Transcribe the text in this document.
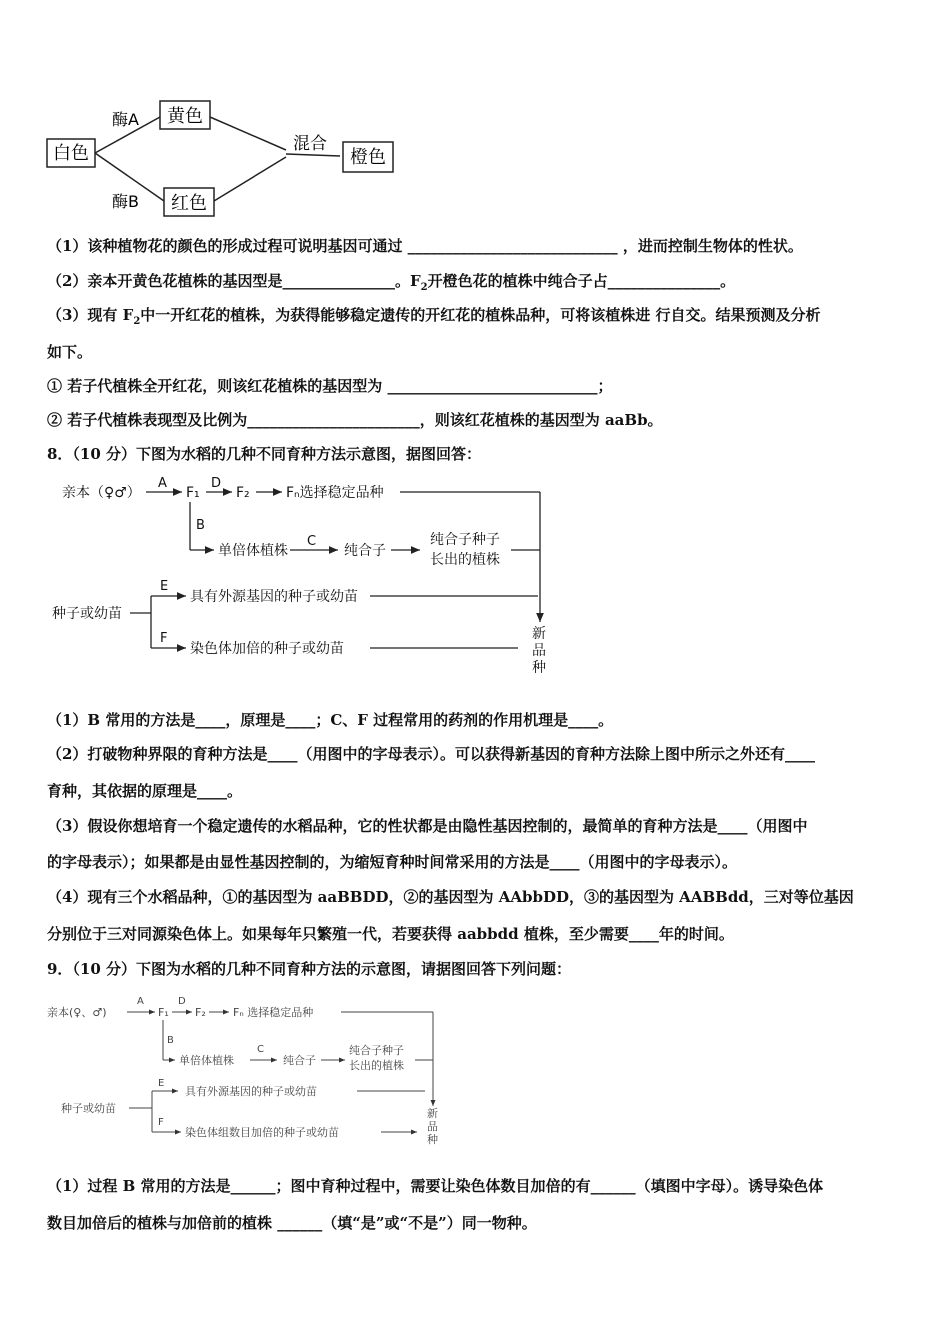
白色
黄色
红色
橙色
酶A
酶B
混合
（1）该种植物花的颜色的形成过程可说明基因可通过 ____________________________ ，进而控制生物体的性状。
（2）亲本开黄色花植株的基因型是_______________。$F_2$开橙色花的植株中纯合子占_______________。
（3）现有 $F_2$中一开红花的植株，为获得能够稳定遗传的开红花的植株品种，可将该植株进 行自交。结果预测及分析
如下。
① 若子代植株全开红花，则该红花植株的基因型为 ____________________________；
② 若子代植株表现型及比例为_______________________，则该红花植株的基因型为 aaBb。
8．（10 分）下图为水稻的几种不同育种方法示意图，据图回答：
亲本（♀♂）
A
F₁
D
F₂	Fₙ选择稳定品种
B
单倍体植株
C
纯合子
纯合子种子
长出的植株
种子或幼苗
E
具有外源基因的种子或幼苗
F
染色体加倍的种子或幼苗
新
品
种
（1）B 常用的方法是____，原理是____；C、F 过程常用的药剂的作用机理是____。
（2）打破物种界限的育种方法是____（用图中的字母表示）。可以获得新基因的育种方法除上图中所示之外还有____
育种，其依据的原理是____。
（3）假设你想培育一个稳定遗传的水稻品种，它的性状都是由隐性基因控制的，最简单的育种方法是____（用图中
的字母表示）；如果都是由显性基因控制的，为缩短育种时间常采用的方法是____（用图中的字母表示）。
（4）现有三个水稻品种，①的基因型为 aaBBDD，②的基因型为 AAbbDD，③的基因型为 AABBdd，三对等位基因
分别位于三对同源染色体上。如果每年只繁殖一代，若要获得 aabbdd 植株，至少需要____年的时间。
9．（10 分）下图为水稻的几种不同育种方法的示意图，请据图回答下列问题：
亲本(♀、♂)
A
F₁
D
F₂ Fₙ 选择稳定品种
B
单倍体植株
C
纯合子
纯合子种子
长出的植株
种子或幼苗
E
具有外源基因的种子或幼苗
F
染色体组数目加倍的种子或幼苗
新
品
种
（1）过程 B 常用的方法是______；图中育种过程中，需要让染色体数目加倍的有______（填图中字母）。诱导染色体
数目加倍后的植株与加倍前的植株 ______（填“是”或“不是”）同一物种。
